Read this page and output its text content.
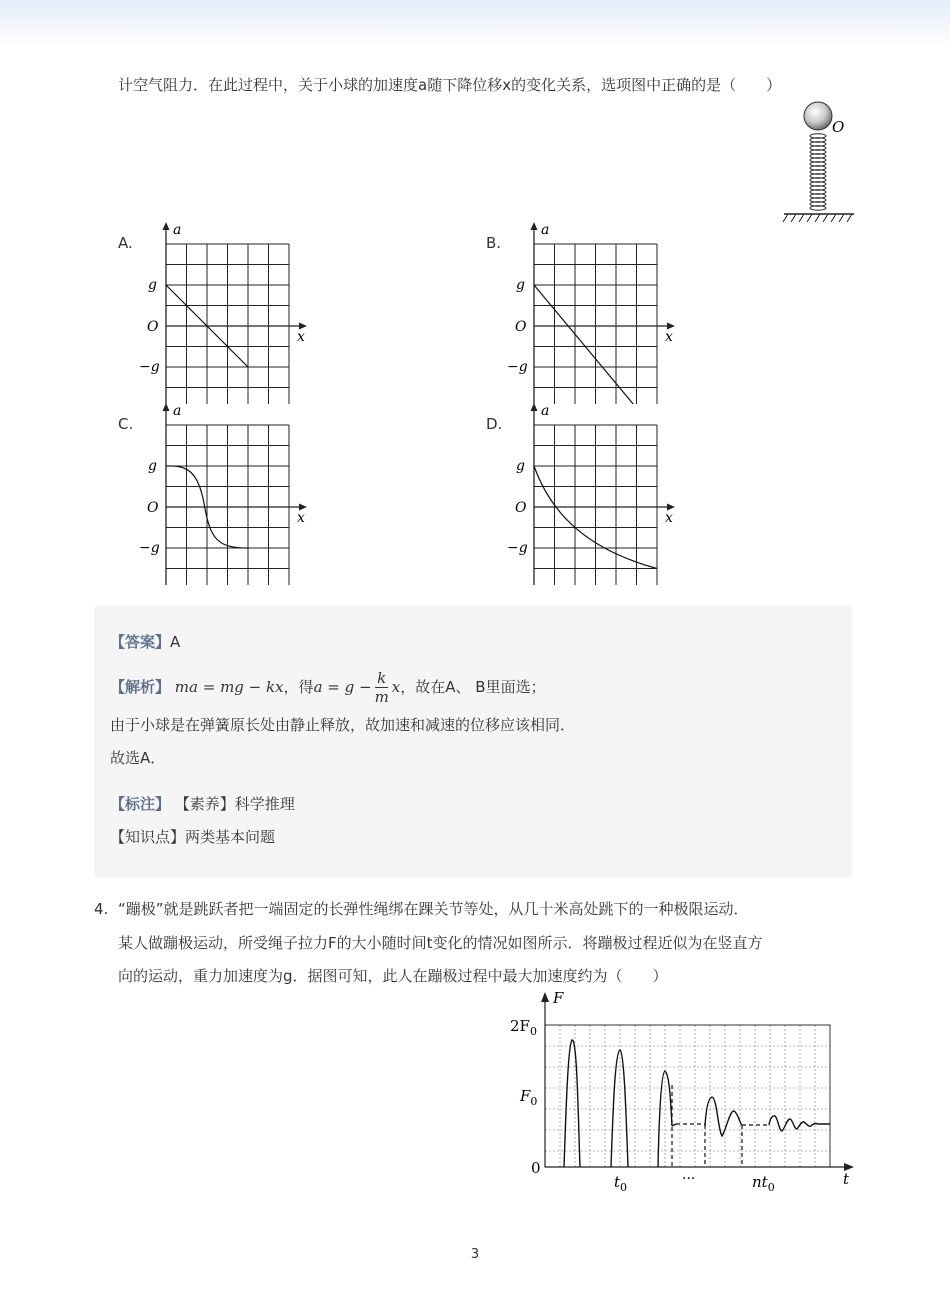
计空气阻力．在此过程中，关于小球的加速度a随下降位移x的变化关系，选项图中正确的是（　　）
O
A.	B.
C.	D.
a
x
g
O
−g
a
x
g
O
−g
a
x
g
O
−g
a
x
g
O
−g
【答案】A
【解析】 ma = mg − kx，得$a = g - \frac{k}{m}$ x，故在A、 B里面选；
由于小球是在弹簧原长处由静止释放，故加速和减速的位移应该相同．
故选A．
【标注】 【素养】科学推理
【知识点】两类基本问题
4. “蹦极”就是跳跃者把一端固定的长弹性绳绑在踝关节等处，从几十米高处跳下的一种极限运动．
某人做蹦极运动，所受绳子拉力F的大小随时间t变化的情况如图所示．将蹦极过程近似为在竖直方
向的运动，重力加速度为g．据图可知，此人在蹦极过程中最大加速度约为（　　）
F
t
$2F_0$
$F_0$
0
$t_0$
···	$nt_0$
3
